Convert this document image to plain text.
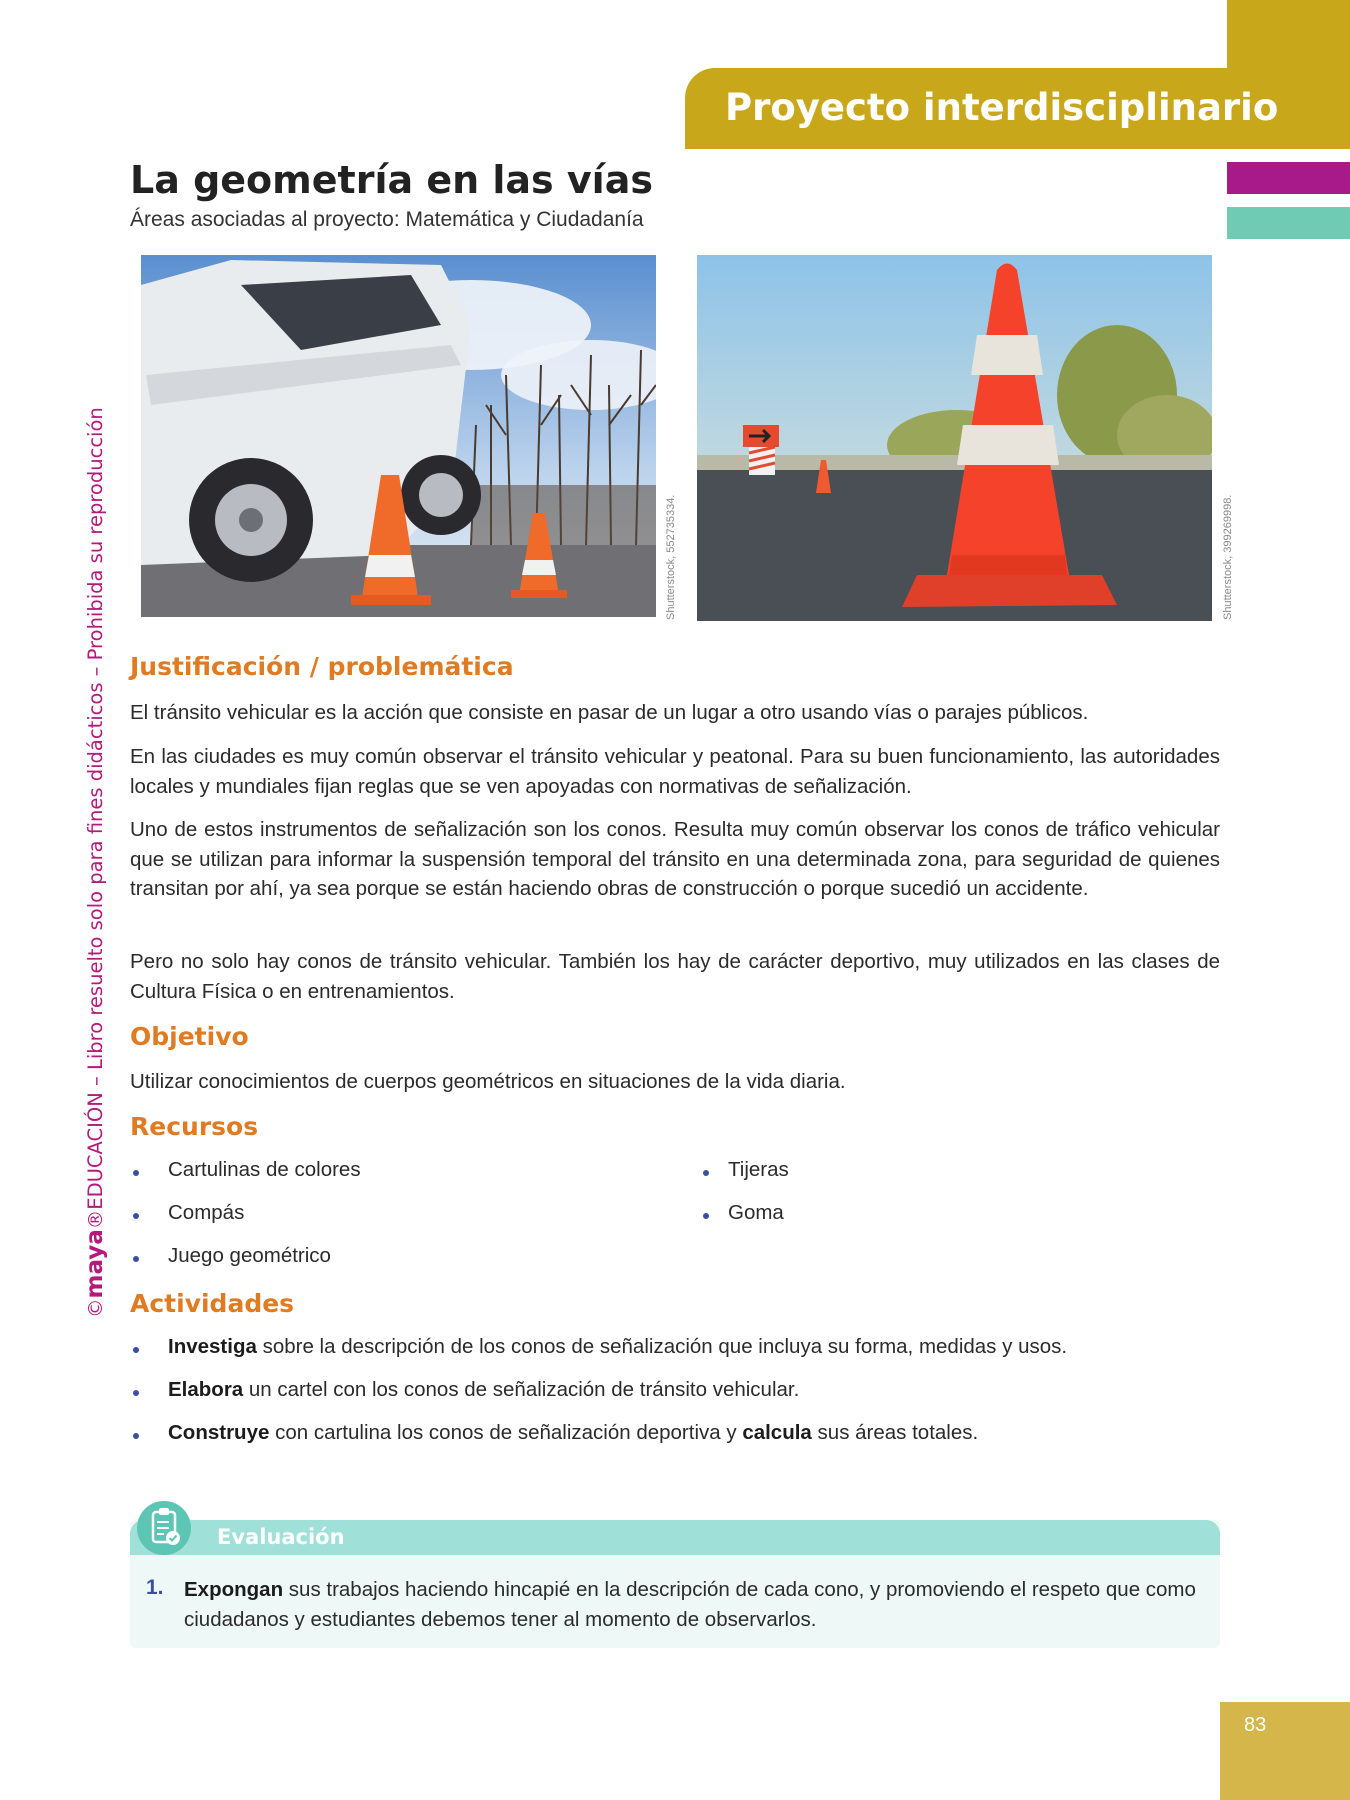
Proyecto interdisciplinario
©maya®EDUCACIÓN – Libro resuelto solo para fines didácticos – Prohibida su reproducción
La geometría en las vías
Áreas asociadas al proyecto: Matemática y Ciudadanía
Shutterstock, 552735334.	Shutterstock, 399269998.
Justificación / problemática

El tránsito vehicular es la acción que consiste en pasar de un lugar a otro usando vías o parajes públicos.

En las ciudades es muy común observar el tránsito vehicular y peatonal. Para su buen funcionamiento, las autoridades locales y mundiales fijan reglas que se ven apoyadas con normativas de señalización.

Uno de estos instrumentos de señalización son los conos. Resulta muy común observar los conos de tráfico vehicular que se utilizan para informar la suspensión temporal del tránsito en una determinada zona, para seguridad de quienes transitan por ahí, ya sea porque se están haciendo obras de construcción o porque sucedió un accidente.

Pero no solo hay conos de tránsito vehicular. También los hay de carácter deportivo, muy utilizados en las clases de Cultura Física o en entrenamientos.

Objetivo

Utilizar conocimientos de cuerpos geométricos en situaciones de la vida diaria.

Recursos
Cartulinas de colores
Compás
Juego geométrico
Tijeras
Goma
Actividades
Investiga sobre la descripción de los conos de señalización que incluya su forma, medidas y usos.
Elabora un cartel con los conos de señalización de tránsito vehicular.
Construye con cartulina los conos de señalización deportiva y calcula sus áreas totales.
Evaluación
1. Expongan sus trabajos haciendo hincapié en la descripción de cada cono, y promoviendo el respeto que como ciudadanos y estudiantes debemos tener al momento de observarlos.

83
